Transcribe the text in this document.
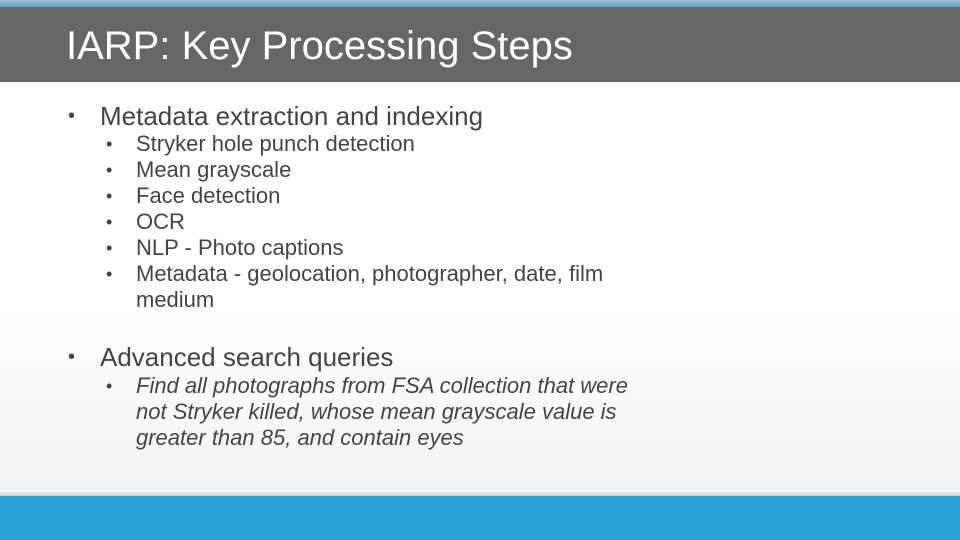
IARP: Key Processing Steps
• Metadata extraction and indexing
• Stryker hole punch detection
• Mean grayscale
• Face detection
• OCR
• NLP - Photo captions
• Metadata - geolocation, photographer, date, film
medium
• Advanced search queries
• Find all photographs from FSA collection that were
not Stryker killed, whose mean grayscale value is
greater than 85, and contain eyes
